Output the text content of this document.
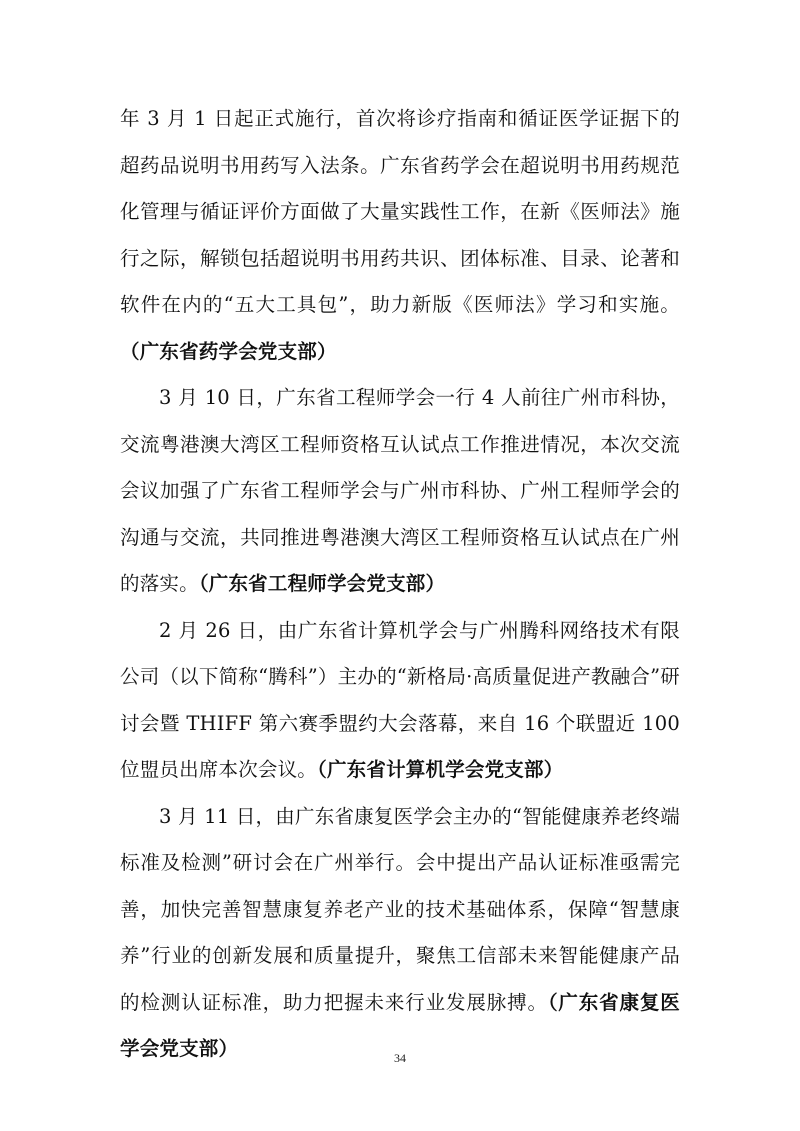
年 3 月 1 日起正式施行，首次将诊疗指南和循证医学证据下的超药品说明书用药写入法条。广东省药学会在超说明书用药规范化管理与循证评价方面做了大量实践性工作，在新《医师法》施行之际，解锁包括超说明书用药共识、团体标准、目录、论著和软件在内的“五大工具包”，助力新版《医师法》学习和实施。（广东省药学会党支部）

3 月 10 日，广东省工程师学会一行 4 人前往广州市科协，交流粤港澳大湾区工程师资格互认试点工作推进情况，本次交流会议加强了广东省工程师学会与广州市科协、广州工程师学会的沟通与交流，共同推进粤港澳大湾区工程师资格互认试点在广州的落实。（广东省工程师学会党支部）

2 月 26 日，由广东省计算机学会与广州腾科网络技术有限公司（以下简称“腾科”）主办的“新格局·高质量促进产教融合”研讨会暨 THIFF 第六赛季盟约大会落幕，来自 16 个联盟近 100 位盟员出席本次会议。（广东省计算机学会党支部）

3 月 11 日，由广东省康复医学会主办的“智能健康养老终端标准及检测”研讨会在广州举行。会中提出产品认证标准亟需完善，加快完善智慧康复养老产业的技术基础体系，保障“智慧康养”行业的创新发展和质量提升，聚焦工信部未来智能健康产品的检测认证标准，助力把握未来行业发展脉搏。（广东省康复医学会党支部）	34
